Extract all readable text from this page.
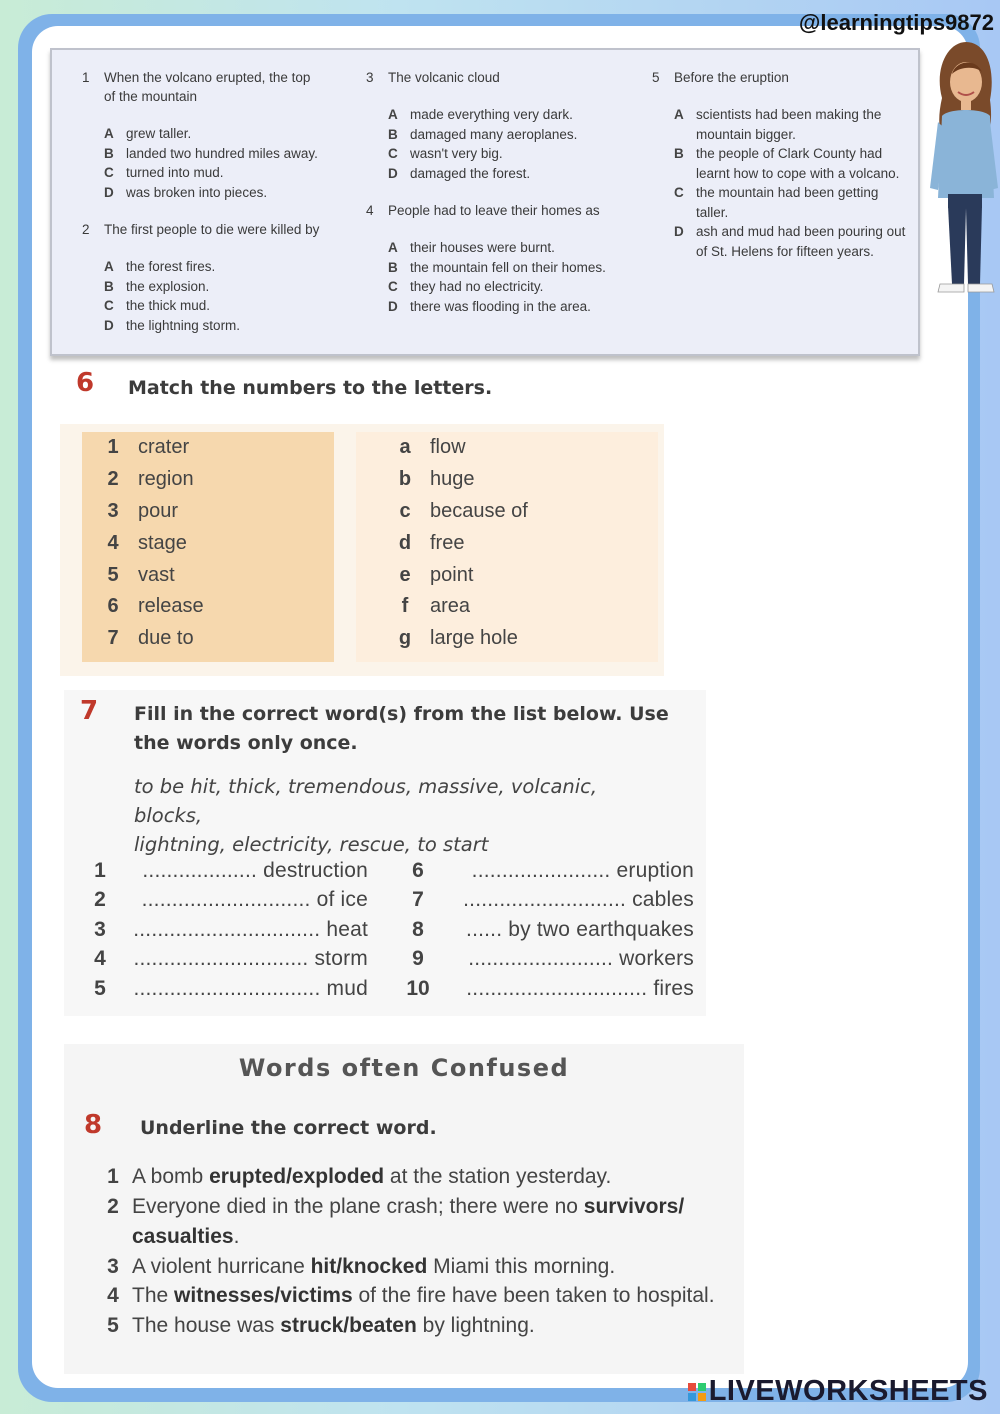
@learningtips9872
1	When the volcano erupted, the top of the mountain
A grew taller.
B landed two hundred miles away.
C turned into mud.
D was broken into pieces.
2	The first people to die were killed by
A the forest fires.
B the explosion.
C the thick mud.
D the lightning storm.
3	The volcanic cloud
A made everything very dark.
B damaged many aeroplanes.
C wasn't very big.
D damaged the forest.
4	People had to leave their homes as
A their houses were burnt.
B the mountain fell on their homes.
C they had no electricity.
D there was flooding in the area.
5	Before the eruption
A scientists had been making the mountain bigger.
B the people of Clark County had learnt how to cope with a volcano.
C the mountain had been getting taller.
D ash and mud had been pouring out of St. Helens for fifteen years.
6 Match the numbers to the letters.
1 crater
2 region
3 pour
4 stage
5 vast
6 release
7 due to
a flow
b huge
c because of
d free
e point
f	area
g large hole
7 Fill in the correct word(s) from the list below. Use
the words only once.
to be hit, thick, tremendous, massive, volcanic, blocks,
lightning, electricity, rescue, to start
1	................... destruction
2	............................ of ice
3	............................... heat
4	............................. storm
5	............................... mud
6	....................... eruption
7	........................... cables
8	...... by two earthquakes
9	........................ workers
10	.............................. fires
Words often Confused
8 Underline the correct word.
1 A bomb erupted/exploded at the station yesterday.
2 Everyone died in the plane crash; there were no survivors/ casualties.
3 A violent hurricane hit/knocked Miami this morning.
4 The witnesses/victims of the fire have been taken to hospital.
5 The house was struck/beaten by lightning.
LIVEWORKSHEETS
